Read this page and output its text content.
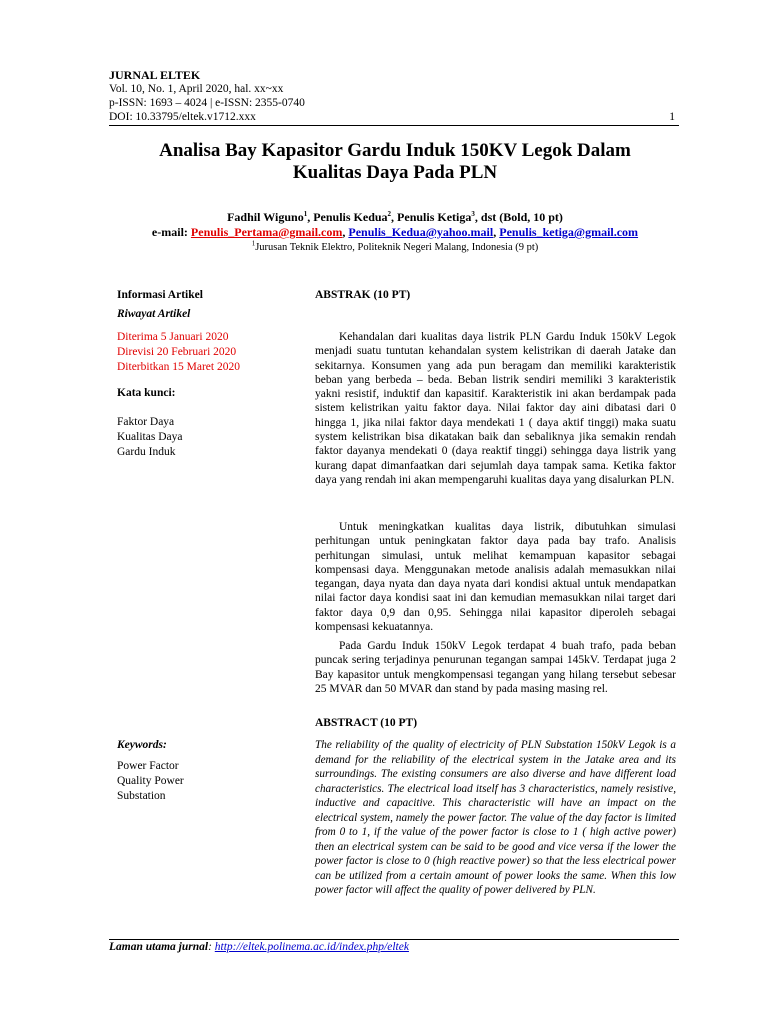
JURNAL ELTEK
Vol. 10, No. 1, April 2020, hal. xx~xx
p-ISSN: 1693 – 4024 | e-ISSN: 2355-0740
DOI: 10.33795/eltek.v1712.xxx	1
Analisa Bay Kapasitor Gardu Induk 150KV Legok Dalam
Kualitas Daya Pada PLN
Fadhil Wiguno$^1$, Penulis Kedua$^2$, Penulis Ketiga$^3$, dst (Bold, 10 pt)
e-mail: Penulis_Pertama@gmail.com, Penulis_Kedua@yahoo.mail, Penulis_ketiga@gmail.com
$^1$Jurusan Teknik Elektro, Politeknik Negeri Malang, Indonesia (9 pt)
Informasi Artikel
Riwayat Artikel
Diterima 5 Januari 2020
Direvisi 20 Februari 2020
Diterbitkan 15 Maret 2020
Kata kunci:
Faktor Daya
Kualitas Daya
Gardu Induk
Keywords:
Power Factor
Quality Power
Substation
ABSTRAK (10 PT)

Kehandalan dari kualitas daya listrik PLN Gardu Induk 150kV Legok menjadi suatu tuntutan kehandalan system kelistrikan di daerah Jatake dan sekitarnya. Konsumen yang ada pun beragam dan memiliki karakteristik beban yang berbeda – beda. Beban listrik sendiri memiliki 3 karakteristik yakni resistif, induktif dan kapasitif. Karakteristik ini akan berdampak pada sistem kelistrikan yaitu faktor daya. Nilai faktor day aini dibatasi dari 0 hingga 1, jika nilai faktor daya mendekati 1 ( daya aktif tinggi) maka suatu system kelistrikan bisa dikatakan baik dan sebaliknya jika semakin rendah faktor dayanya mendekati 0 (daya reaktif tinggi) sehingga daya listrik yang kurang dapat dimanfaatkan dari sejumlah daya tampak sama. Ketika faktor daya yang rendah ini akan mempengaruhi kualitas daya yang disalurkan PLN.

Untuk meningkatkan kualitas daya listrik, dibutuhkan simulasi perhitungan untuk peningkatan faktor daya pada bay trafo. Analisis perhitungan simulasi, untuk melihat kemampuan kapasitor sebagai kompensasi daya. Menggunakan metode analisis adalah memasukkan nilai tegangan, daya nyata dan daya nyata dari kondisi aktual untuk mendapatkan nilai factor daya kondisi saat ini dan kemudian memasukkan nilai target dari faktor daya 0,9 dan 0,95. Sehingga nilai kapasitor diperoleh sebagai kompensasi kekuatannya.

Pada Gardu Induk 150kV Legok terdapat 4 buah trafo, pada beban puncak sering terjadinya penurunan tegangan sampai 145kV. Terdapat juga 2 Bay kapasitor untuk mengkompensasi tegangan yang hilang tersebut sebesar 25 MVAR dan 50 MVAR dan stand by pada masing masing rel.

ABSTRACT (10 PT)

The reliability of the quality of electricity of PLN Substation 150kV Legok is a demand for the reliability of the electrical system in the Jatake area and its surroundings. The existing consumers are also diverse and have different load characteristics. The electrical load itself has 3 characteristics, namely resistive, inductive and capacitive. This characteristic will have an impact on the electrical system, namely the power factor. The value of the day factor is limited from 0 to 1, if the value of the power factor is close to 1 ( high active power) then an electrical system can be said to be good and vice versa if the lower the power factor is close to 0 (high reactive power) so that the less electrical power can be utilized from a certain amount of power looks the same. When this low power factor will affect the quality of power delivered by PLN.

Laman utama jurnal: http://eltek.polinema.ac.id/index.php/eltek
